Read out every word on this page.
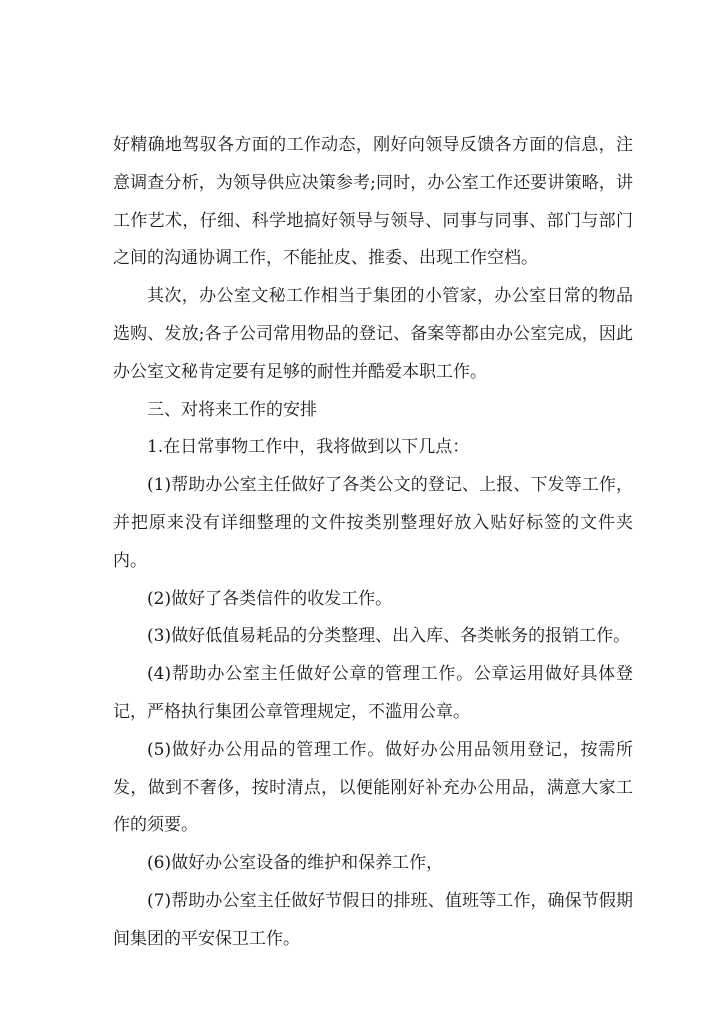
好精确地驾驭各方面的工作动态，刚好向领导反馈各方面的信息，注意调查分析，为领导供应决策参考;同时，办公室工作还要讲策略，讲工作艺术，仔细、科学地搞好领导与领导、同事与同事、部门与部门之间的沟通协调工作，不能扯皮、推委、出现工作空档。

其次，办公室文秘工作相当于集团的小管家，办公室日常的物品选购、发放;各子公司常用物品的登记、备案等都由办公室完成，因此办公室文秘肯定要有足够的耐性并酷爱本职工作。

三、对将来工作的安排

1.在日常事物工作中，我将做到以下几点：

(1)帮助办公室主任做好了各类公文的登记、上报、下发等工作，并把原来没有详细整理的文件按类别整理好放入贴好标签的文件夹内。

(2)做好了各类信件的收发工作。

(3)做好低值易耗品的分类整理、出入库、各类帐务的报销工作。

(4)帮助办公室主任做好公章的管理工作。公章运用做好具体登记，严格执行集团公章管理规定，不滥用公章。

(5)做好办公用品的管理工作。做好办公用品领用登记，按需所发，做到不奢侈，按时清点，以便能刚好补充办公用品，满意大家工作的须要。

(6)做好办公室设备的维护和保养工作，

(7)帮助办公室主任做好节假日的排班、值班等工作，确保节假期间集团的平安保卫工作。
